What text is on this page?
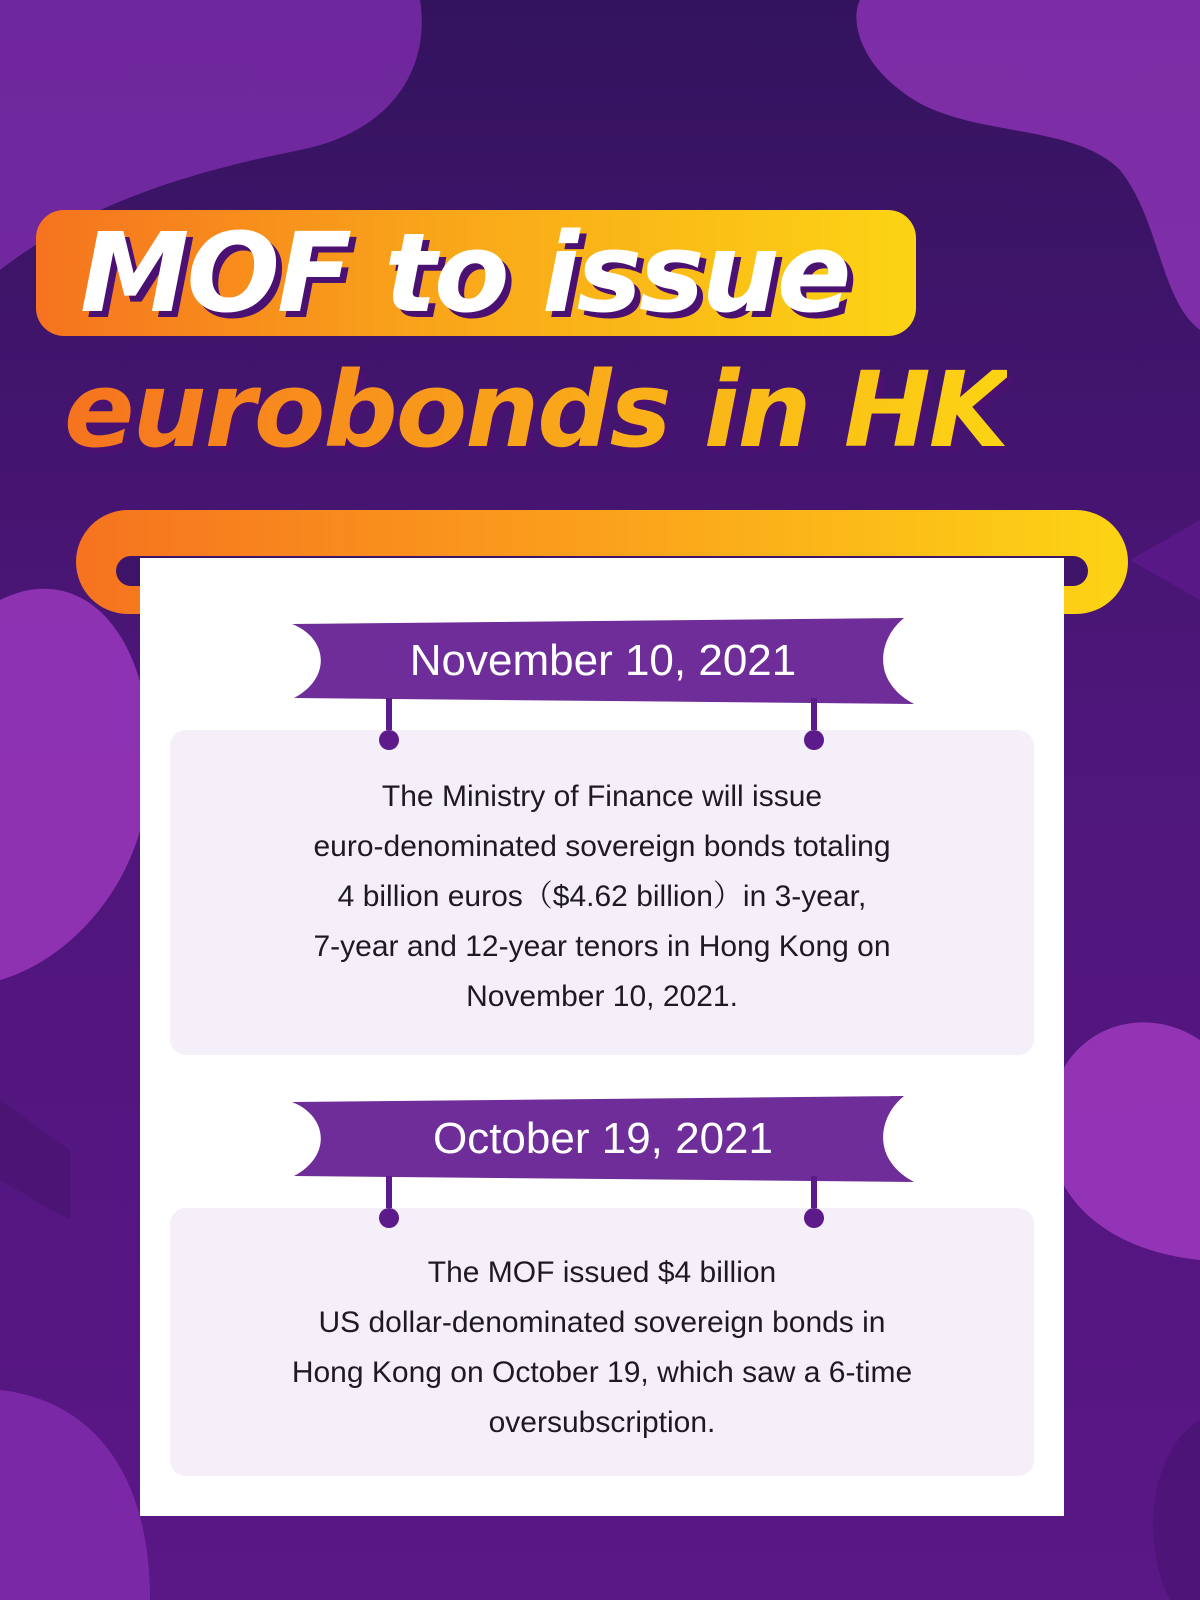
MOF to issue
eurobonds in HK
November 10, 2021
The Ministry of Finance will issue
euro-denominated sovereign bonds totaling
4 billion euros（$4.62 billion）in 3-year,
7-year and 12-year tenors in Hong Kong on
November 10, 2021.
October 19, 2021
The MOF issued $4 billion
US dollar-denominated sovereign bonds in
Hong Kong on October 19, which saw a 6-time
oversubscription.
